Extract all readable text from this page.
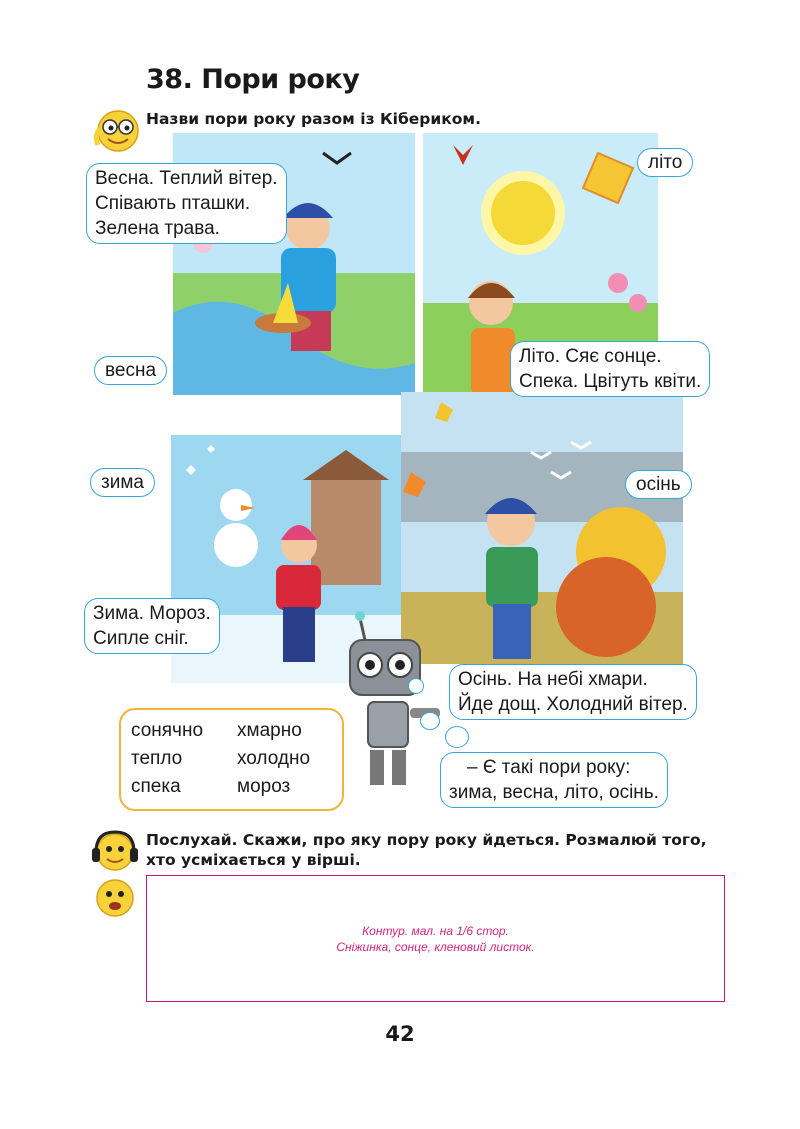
38. Пори року
Назви пори року разом із Кібериком.
літо
весна
зима	осінь
Весна. Теплий вітер.
Співають пташки.
Зелена трава.
Літо. Сяє сонце.
Спека. Цвітуть квіти.
Зима. Мороз.
Сипле сніг.
Осінь. На небі хмари.
Йде дощ. Холодний вітер.
– Є такі пори року:
зима, весна, літо, осінь.
сонячно
тепло
спека
хмарно
холодно
мороз
Послухай. Скажи, про яку пору року йдеться. Розмалюй того,
хто усміхається у вірші.
Контур. мал. на 1/6 стор.
Сніжинка, сонце, кленовий листок.
42
